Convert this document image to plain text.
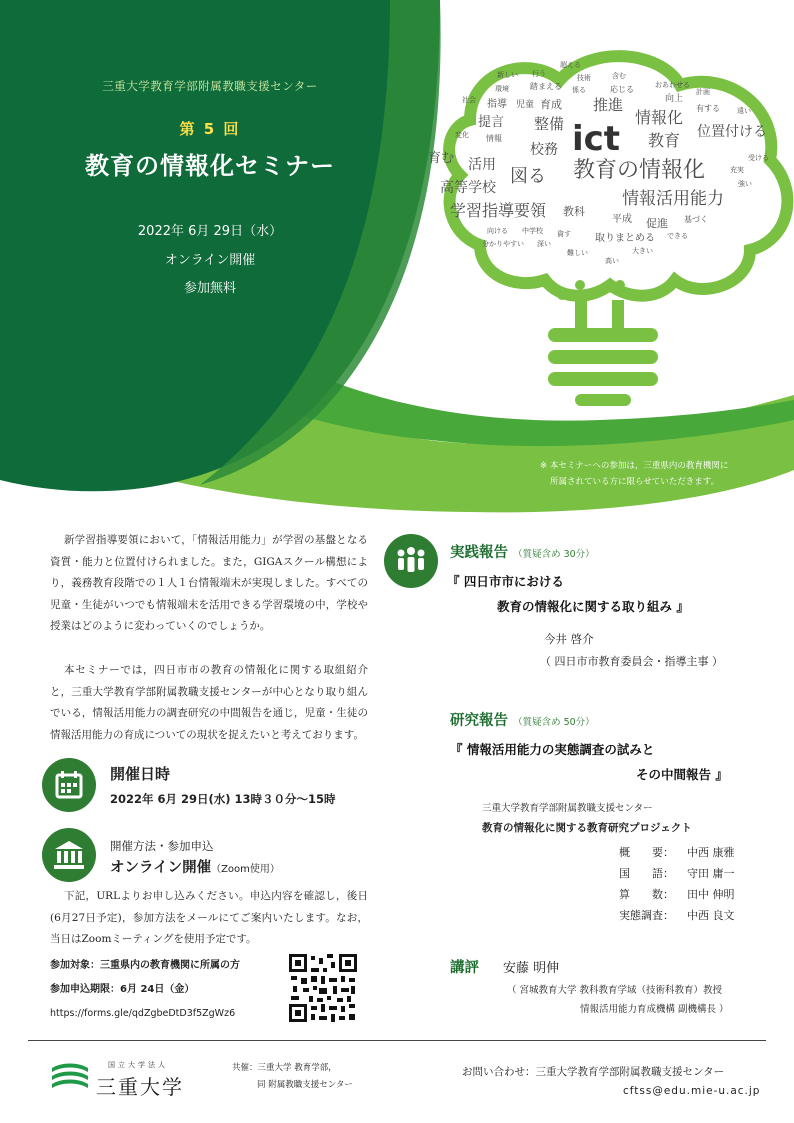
三重大学教育学部附属教職支援センター
第 5 回
教育の情報化セミナー
2022年 6月 29日（水）
オンライン開催
参加無料
※ 本セミナーへの参加は，三重県内の教育機関に
所属されている方に限らせていただきます。
超える
新しい 行う	技術	含む
おあわせる
計画
環境	踏まえる 係る	応じる
向上
社会 指導 児童 育成 推進	有する 遠い
提言 整備	情報化
位置付ける
変化 情報 ict 教育
校務	受ける
育む 活用	教育の情報化	充実
図る	強い
高等学校
情報活用能力
学習指導要領 教科
平成 促進 基づく
向ける 中学校 資す 取りまとめる できる
分かりやすい 深い
難しい	大きい
高い
新学習指導要領において，「情報活用能力」が学習の基盤となる資質・能力と位置付けられました。また，GIGAスクール構想により，義務教育段階での１人１台情報端末が実現しました。すべての児童・生徒がいつでも情報端末を活用できる学習環境の中，学校や授業はどのように変わっていくのでしょうか。
本セミナーでは，四日市市の教育の情報化に関する取組紹介と，三重大学教育学部附属教職支援センターが中心となり取り組んでいる，情報活用能力の調査研究の中間報告を通じ，児童・生徒の情報活用能力の育成についての現状を捉えたいと考えております。
開催日時
2022年 6月 29日(水) 13時３０分～15時
開催方法・参加申込
オンライン開催（Zoom使用）
下記，URLよりお申し込みください。申込内容を確認し，後日(6月27日予定)，参加方法をメールにてご案内いたします。なお，当日はZoomミーティングを使用予定です。
参加対象：三重県内の教育機関に所属の方
参加申込期限：6月 24日（金）
https://forms.gle/qdZgbeDtD3f5ZgWz6
実践報告 （質疑含め 30分）
『 四日市市における
教育の情報化に関する取り組み 』
今井 啓介
（ 四日市市教育委員会・指導主事 ）
研究報告 （質疑含め 50分）
『 情報活用能力の実態調査の試みと
その中間報告 』
三重大学教育学部附属教職支援センター
教育の情報化に関する教育研究プロジェクト
概　　要： 中西 康雅
国　　語： 守田 庸一
算　　数： 田中 伸明
実態調査： 中西 良文
講評 安藤 明伸
（ 宮城教育大学 教科教育学域（技術科教育）教授
情報活用能力育成機構 副機構長 ）
国立大学法人
三重大学
共催：三重大学 教育学部，
同 附属教職支援センター
お問い合わせ：三重大学教育学部附属教職支援センター
cftss@edu.mie-u.ac.jp
